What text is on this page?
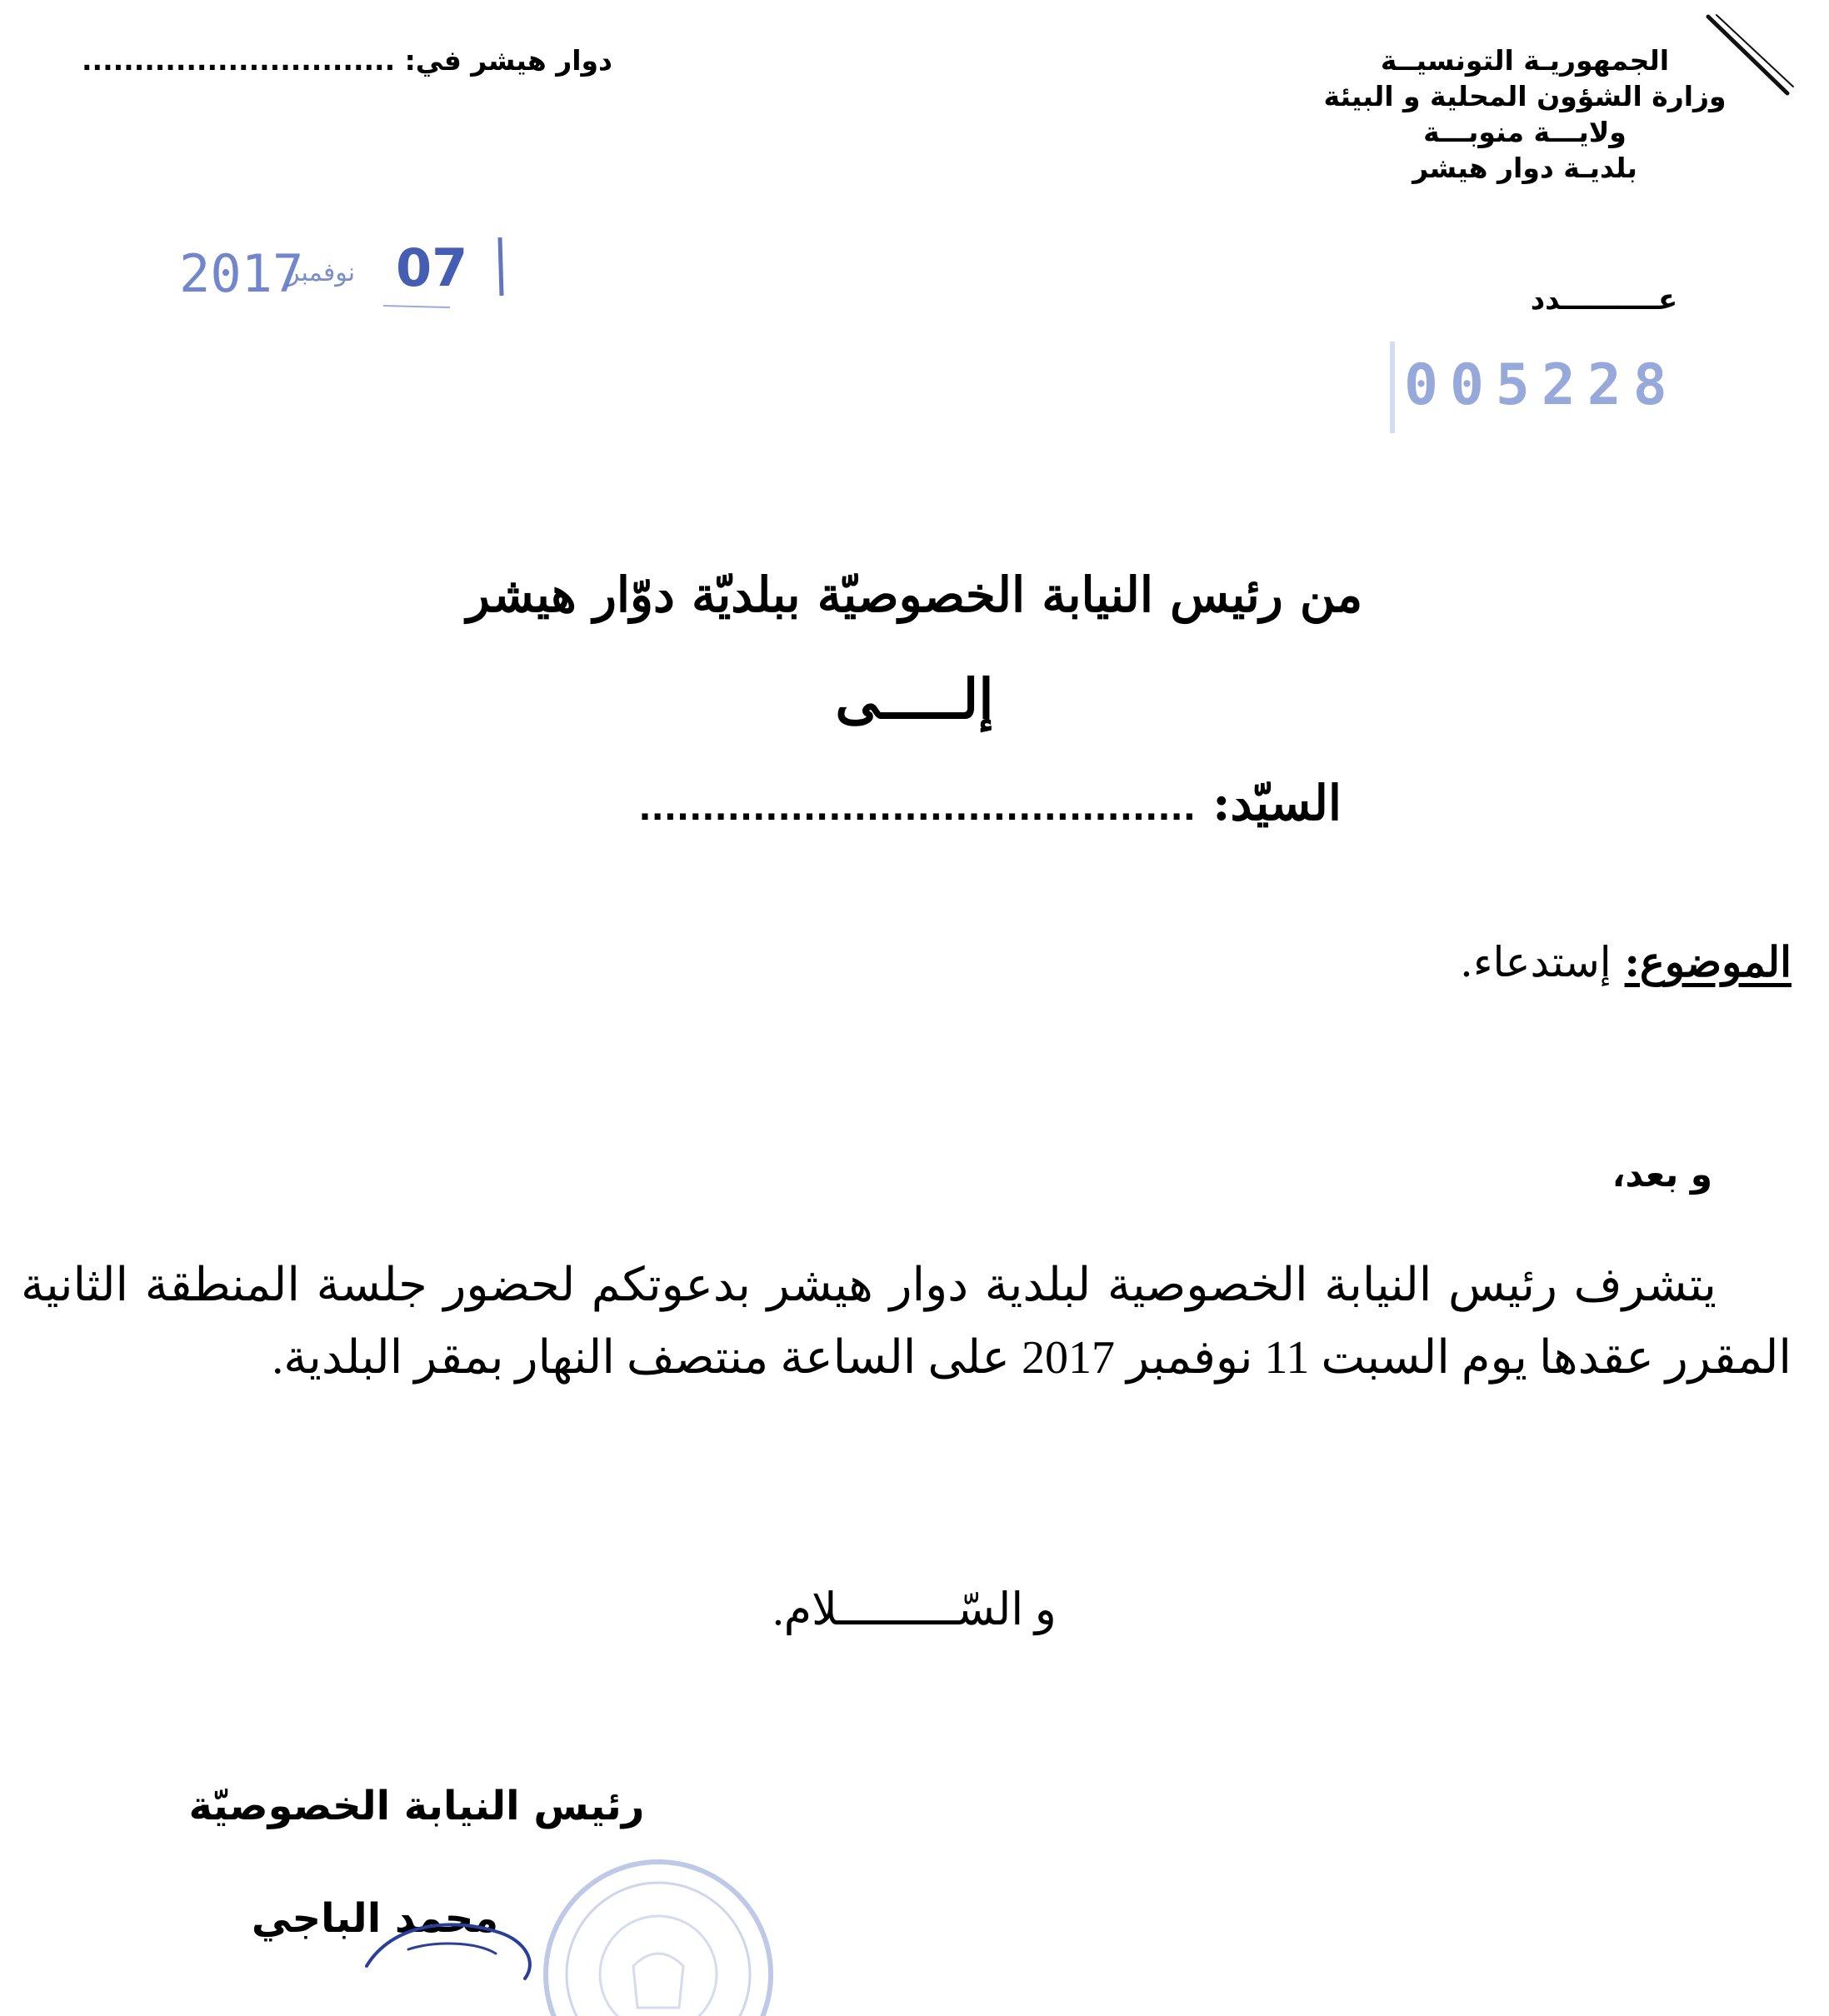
دوار هيشر في: ..............................	الجمهوريـة التونسيــة
وزارة الشؤون المحلية و البيئة
ولايـــة منوبـــة
بلديـة دوار هيشر
عــــــــــدد
2017
نوفمبر 07
005228
من رئيس النيابة الخصوصيّة ببلديّة دوّار هيشر
إلـــــى
السيّد: ............................................
الموضوع: إستدعاء.
و بعد،
يتشرف رئيس النيابة الخصوصية لبلدية دوار هيشر بدعوتكم لحضور جلسة المنطقة الثانية المقرر عقدها يوم السبت 11 نوفمبر 2017 على الساعة منتصف النهار بمقر البلدية.
و السّـــــــــلام.
رئيس النيابة الخصوصيّة
محمد الباجي
